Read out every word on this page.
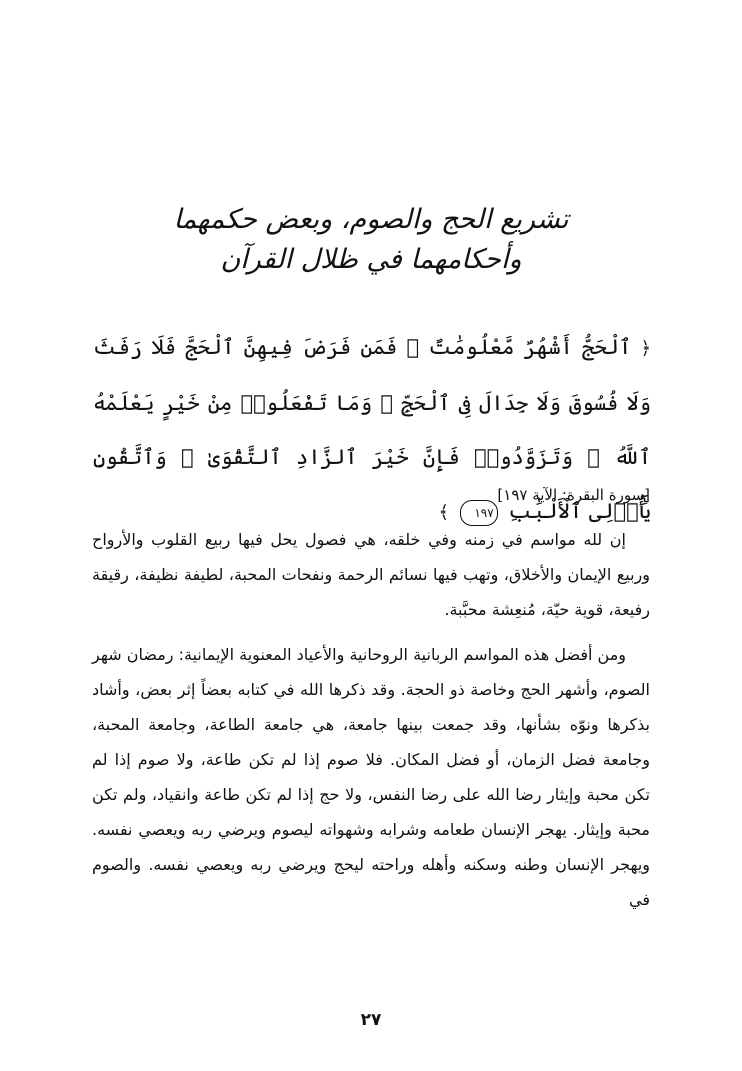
تشريع الحج والصوم، وبعض حكمهما
وأحكامهما في ظلال القرآن
﴿ ٱلْحَجُّ أَشْهُرٌ مَّعْلُومَٰتٌ ۚ فَمَن فَرَضَ فِيهِنَّ ٱلْحَجَّ فَلَا رَفَثَ وَلَا فُسُوقَ وَلَا جِدَالَ فِى ٱلْحَجِّ ۗ وَمَا تَفْعَلُوا۟ مِنْ خَيْرٍ يَعْلَمْهُ ٱللَّهُ ۗ وَتَزَوَّدُوا۟ فَإِنَّ خَيْرَ ٱلزَّادِ ٱلتَّقْوَىٰ ۚ وَٱتَّقُونِ يَٰٓأُو۟لِى ٱلْأَلْبَٰبِ ١٩٧ ﴾
[سورة البقرة: الآية ١٩٧]

إن لله مواسم في زمنه وفي خلقه، هي فصول يحل فيها ربيع القلوب والأرواح وربيع الإيمان والأخلاق، وتهب فيها نسائم الرحمة ونفحات المحبة، لطيفة نظيفة، رقيقة رفيعة، قوية حيّة، مُنعِشة محبَّبة.

ومن أفضل هذه المواسم الربانية الروحانية والأعياد المعنوية الإيمانية: رمضان شهر الصوم، وأشهر الحج وخاصة ذو الحجة. وقد ذكرها الله في كتابه بعضاً إثر بعض، وأشاد بذكرها ونوّه بشأنها، وقد جمعت بينها جامعة، هي جامعة الطاعة، وجامعة المحبة، وجامعة فضل الزمان، أو فضل المكان. فلا صوم إذا لم تكن طاعة، ولا صوم إذا لم تكن محبة وإيثار رضا الله على رضا النفس، ولا حج إذا لم تكن طاعة وانقياد، ولم تكن محبة وإيثار. يهجر الإنسان طعامه وشرابه وشهواته ليصوم ويرضي ربه ويعصي نفسه. ويهجر الإنسان وطنه وسكنه وأهله وراحته ليحج ويرضي ربه ويعصي نفسه. والصوم في

٢٧
